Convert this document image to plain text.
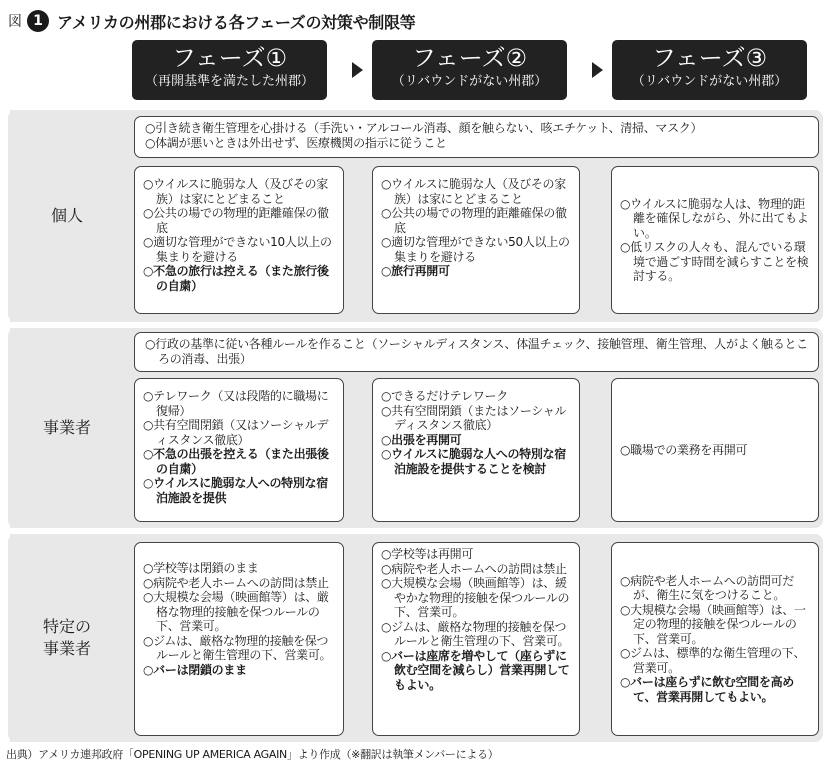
図 1 アメリカの州郡における各フェーズの対策や制限等
フェーズ①
（再開基準を満たした州郡）
フェーズ②
（リバウンドがない州郡）
フェーズ③
（リバウンドがない州郡）
個人
○ 引き続き衛生管理を心掛ける（手洗い・アルコール消毒、顔を触らない、咳エチケット、清掃、マスク）
○ 体調が悪いときは外出せず、医療機関の指示に従うこと
○ ウイルスに脆弱な人（及びその家族）は家にとどまること
○ 公共の場での物理的距離確保の徹底
○ 適切な管理ができない10人以上の集まりを避ける
○ 不急の旅行は控える（また旅行後の自粛）
○ ウイルスに脆弱な人（及びその家族）は家にとどまること
○ 公共の場での物理的距離確保の徹底
○ 適切な管理ができない50人以上の集まりを避ける
○ 旅行再開可
○ ウイルスに脆弱な人は、物理的距離を確保しながら、外に出てもよい。
○ 低リスクの人々も、混んでいる環境で過ごす時間を減らすことを検討する。
事業者
○ 行政の基準に従い各種ルールを作ること（ソーシャルディスタンス、体温チェック、接触管理、衛生管理、人がよく触るところの消毒、出張）
○ テレワーク（又は段階的に職場に復帰）
○ 共有空間閉鎖（又はソーシャルディスタンス徹底）
○ 不急の出張を控える（また出張後の自粛）
○ ウイルスに脆弱な人への特別な宿泊施設を提供
○ できるだけテレワーク
○ 共有空間閉鎖（またはソーシャルディスタンス徹底）
○ 出張を再開可
○ ウイルスに脆弱な人への特別な宿泊施設を提供することを検討
○ 職場での業務を再開可
特定の
事業者
○ 学校等は閉鎖のまま
○ 病院や老人ホームへの訪問は禁止
○ 大規模な会場（映画館等）は、厳格な物理的接触を保つルールの下、営業可。
○ ジムは、厳格な物理的接触を保つルールと衛生管理の下、営業可。
○ バーは閉鎖のまま
○ 学校等は再開可
○ 病院や老人ホームへの訪問は禁止
○ 大規模な会場（映画館等）は、緩やかな物理的接触を保つルールの下、営業可。
○ ジムは、厳格な物理的接触を保つルールと衛生管理の下、営業可。
○ バーは座席を増やして（座らずに飲む空間を減らし）営業再開してもよい。
○ 病院や老人ホームへの訪問可だが、衛生に気をつけること。
○ 大規模な会場（映画館等）は、一定の物理的接触を保つルールの下、営業可。
○ ジムは、標準的な衛生管理の下、営業可。
○ バーは座らずに飲む空間を高めて、営業再開してもよい。
出典）アメリカ連邦政府「OPENING UP AMERICA AGAIN」より作成（※翻訳は執筆メンバーによる）
